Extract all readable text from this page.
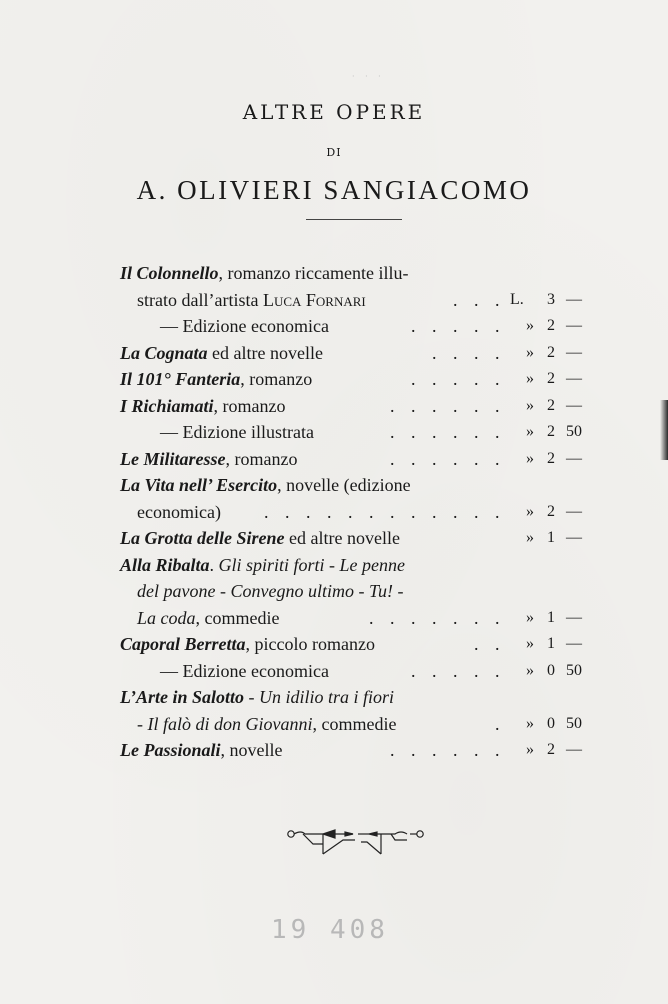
· · ·
ALTRE OPERE
DI
A. OLIVIERI SANGIACOMO
Il Colonnello, romanzo riccamente illu-
strato dall’artista Luca Fornari	. . . L. 3 —
— Edizione economica	. . . . . » 2 —
La Cognata ed altre novelle	. . . . » 2 —
Il 101° Fanteria, romanzo	. . . . . » 2 —
I Richiamati, romanzo	. . . . . . » 2 —
— Edizione illustrata	. . . . . . » 2 50
Le Militaresse, romanzo	. . . . . . » 2 —
La Vita nell’ Esercito, novelle (edizione
economica) . . . . . . . . . . . . » 2 —
La Grotta delle Sirene ed altre novelle	» 1 —
Alla Ribalta. Gli spiriti forti - Le penne
del pavone - Convegno ultimo - Tu! -
La coda, commedie	. . . . . . . » 1 —
Caporal Berretta, piccolo romanzo	. . » 1 —
— Edizione economica	. . . . . » 0 50
L’Arte in Salotto - Un idilio tra i fiori
- Il falò di don Giovanni, commedie	. » 0 50
Le Passionali, novelle	. . . . . . » 2 —
19 408
